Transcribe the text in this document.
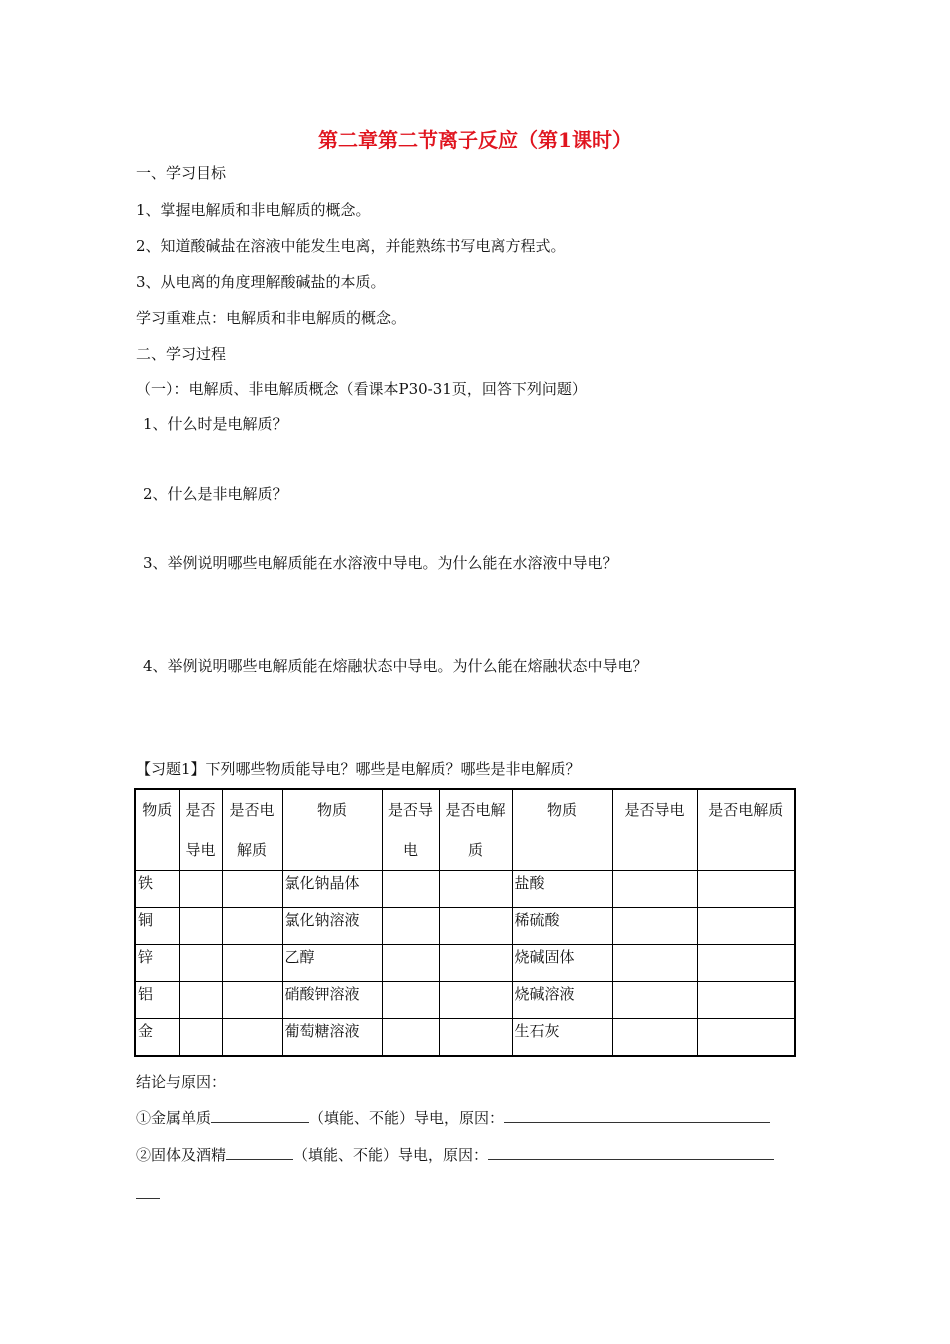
第二章第二节离子反应（第1课时）
一、学习目标
1、掌握电解质和非电解质的概念。
2、知道酸碱盐在溶液中能发生电离，并能熟练书写电离方程式。
3、从电离的角度理解酸碱盐的本质。
学习重难点：电解质和非电解质的概念。
二、学习过程
（一）：电解质、非电解质概念（看课本P30-31页，回答下列问题）
1、什么时是电解质？
2、什么是非电解质？
3、举例说明哪些电解质能在水溶液中导电。为什么能在水溶液中导电？
4、举例说明哪些电解质能在熔融状态中导电。为什么能在熔融状态中导电？
【习题1】下列哪些物质能导电？哪些是电解质？哪些是非电解质？
物质	是否导电	是否电解质	物质	是否导电	是否电解质	物质	是否导电	是否电解质
铁			氯化钠晶体			盐酸		
铜			氯化钠溶液			稀硫酸		
锌			乙醇			烧碱固体		
铝			硝酸钾溶液			烧碱溶液		
金			葡萄糖溶液			生石灰		
结论与原因：
①金属单质	（填能、不能）导电，原因：
②固体及酒精	（填能、不能）导电，原因：
